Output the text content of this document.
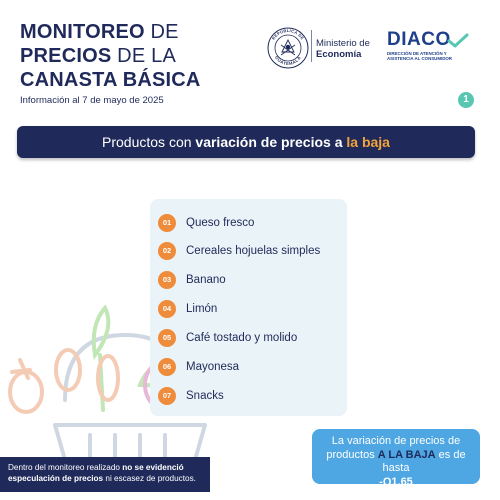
MONITOREO DE
PRECIOS DE LA
CANASTA BÁSICA
Información al 7 de mayo de 2025
REPÚBLICA DE
GUATEMALA
Ministerio de
Economía
DIACO
DIRECCIÓN DE ATENCIÓN Y
ASISTENCIA AL CONSUMIDOR
1
Productos con variación de precios a la baja
01	Queso fresco
02	Cereales hojuelas simples
03	Banano
04	Limón
05	Café tostado y molido
06	Mayonesa
07	Snacks
Dentro del monitoreo realizado no se evidenció especulación de precios ni escasez de productos.
La variación de precios de
productos A LA BAJA es de hasta
-Q1.65
